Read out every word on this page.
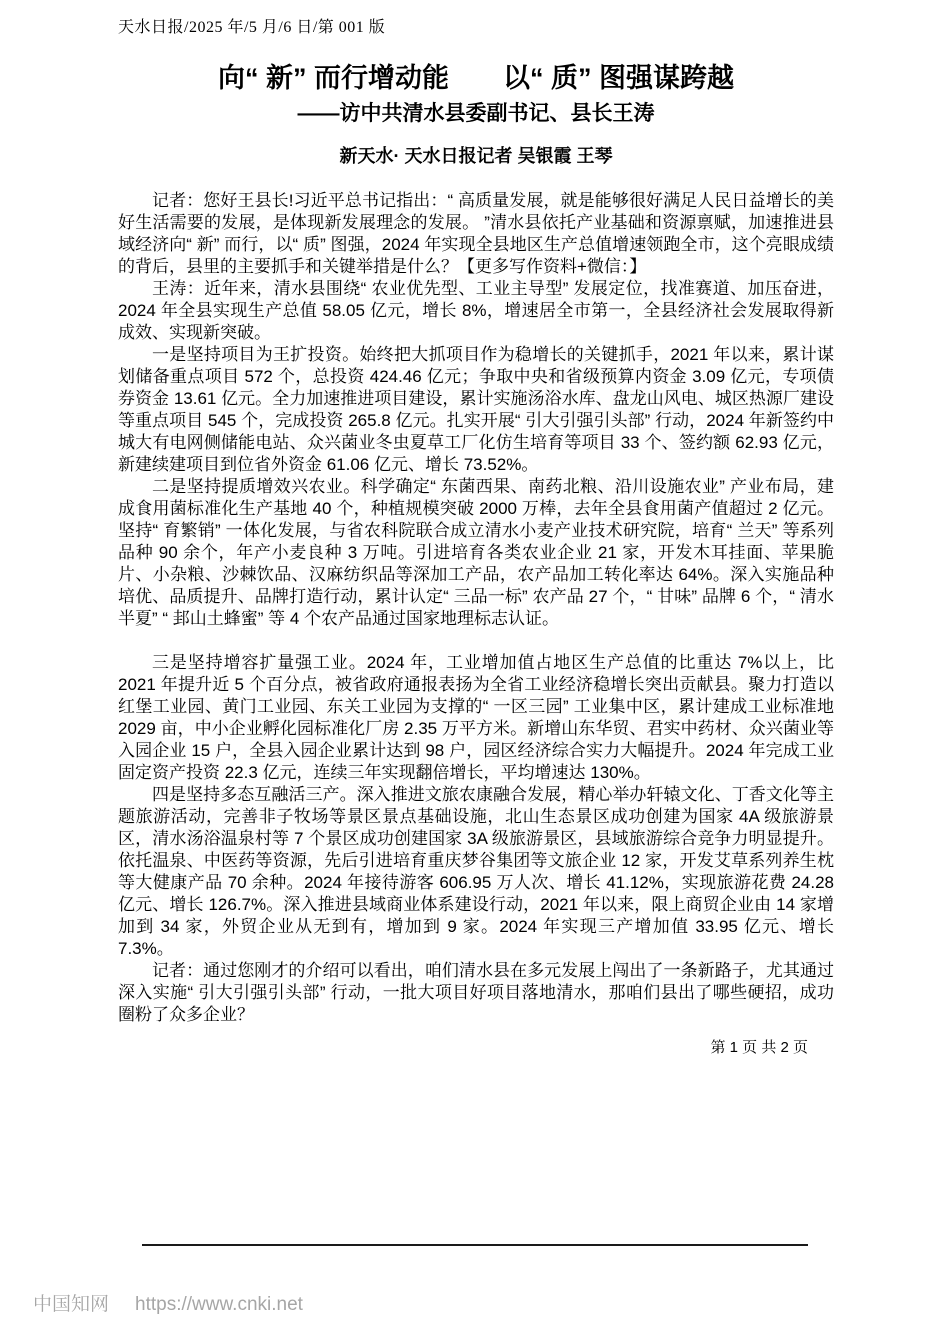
天水日报/2025 年/5 月/6 日/第 001 版
向“ 新” 而行增动能　　以“ 质” 图强谋跨越
——访中共清水县委副书记、县长王涛
新天水· 天水日报记者 吴银霞 王琴

记者：您好王县长!习近平总书记指出：“ 高质量发展，就是能够很好满足人民日益增长的美好生活需要的发展，是体现新发展理念的发展。 ”清水县依托产业基础和资源禀赋，加速推进县域经济向“ 新” 而行，以“ 质” 图强，2024 年实现全县地区生产总值增速领跑全市，这个亮眼成绩的背后，县里的主要抓手和关键举措是什么？【更多写作资料+微信：】

王涛：近年来，清水县围绕“ 农业优先型、工业主导型” 发展定位，找准赛道、加压奋进，2024 年全县实现生产总值 58.05 亿元，增长 8%，增速居全市第一，全县经济社会发展取得新成效、实现新突破。

一是坚持项目为王扩投资。始终把大抓项目作为稳增长的关键抓手，2021 年以来，累计谋划储备重点项目 572 个，总投资 424.46 亿元；争取中央和省级预算内资金 3.09 亿元，专项债券资金 13.61 亿元。全力加速推进项目建设，累计实施汤浴水库、盘龙山风电、城区热源厂建设等重点项目 545 个，完成投资 265.8 亿元。扎实开展“ 引大引强引头部” 行动，2024 年新签约中城大有电网侧储能电站、众兴菌业冬虫夏草工厂化仿生培育等项目 33 个、签约额 62.93 亿元，新建续建项目到位省外资金 61.06 亿元、增长 73.52%。

二是坚持提质增效兴农业。科学确定“ 东菌西果、南药北粮、沿川设施农业” 产业布局，建成食用菌标准化生产基地 40 个，种植规模突破 2000 万棒，去年全县食用菌产值超过 2 亿元。坚持“ 育繁销” 一体化发展，与省农科院联合成立清水小麦产业技术研究院，培育“ 兰天” 等系列品种 90 余个，年产小麦良种 3 万吨。引进培育各类农业企业 21 家，开发木耳挂面、苹果脆片、小杂粮、沙棘饮品、汉麻纺织品等深加工产品，农产品加工转化率达 64%。深入实施品种培优、品质提升、品牌打造行动，累计认定“ 三品一标” 农产品 27 个，“ 甘味” 品牌 6 个，“ 清水半夏” “ 邽山土蜂蜜” 等 4 个农产品通过国家地理标志认证。

三是坚持增容扩量强工业。2024 年，工业增加值占地区生产总值的比重达 7%以上，比 2021 年提升近 5 个百分点，被省政府通报表扬为全省工业经济稳增长突出贡献县。聚力打造以红堡工业园、黄门工业园、东关工业园为支撑的“ 一区三园” 工业集中区，累计建成工业标准地 2029 亩，中小企业孵化园标准化厂房 2.35 万平方米。新增山东华贸、君实中药材、众兴菌业等入园企业 15 户，全县入园企业累计达到 98 户，园区经济综合实力大幅提升。2024 年完成工业固定资产投资 22.3 亿元，连续三年实现翻倍增长，平均增速达 130%。

四是坚持多态互融活三产。深入推进文旅农康融合发展，精心举办轩辕文化、丁香文化等主题旅游活动，完善非子牧场等景区景点基础设施，北山生态景区成功创建为国家 4A 级旅游景区，清水汤浴温泉村等 7 个景区成功创建国家 3A 级旅游景区，县域旅游综合竞争力明显提升。依托温泉、中医药等资源，先后引进培育重庆梦谷集团等文旅企业 12 家，开发艾草系列养生枕等大健康产品 70 余种。2024 年接待游客 606.95 万人次、增长 41.12%，实现旅游花费 24.28 亿元、增长 126.7%。深入推进县域商业体系建设行动，2021 年以来，限上商贸企业由 14 家增加到 34 家，外贸企业从无到有，增加到 9 家。2024 年实现三产增加值 33.95 亿元、增长 7.3%。

记者：通过您刚才的介绍可以看出，咱们清水县在多元发展上闯出了一条新路子，尤其通过深入实施“ 引大引强引头部” 行动，一批大项目好项目落地清水，那咱们县出了哪些硬招，成功圈粉了众多企业？

第 1 页 共 2 页
中国知网 https://www.cnki.net
